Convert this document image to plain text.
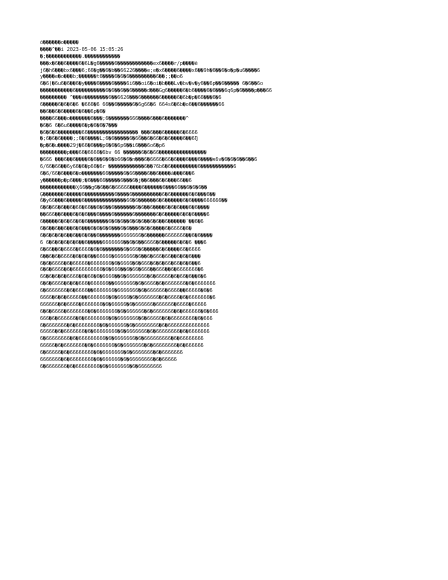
ő������o�����
����^��i 2023-05-06 15:05:26
�;������������.������������
���x�6��6����6�6L�g6�����6������������ex6����r/p����ĕ
j6�h6���bx6���6;66�g��6�b��66226����e;e�x6����6����x6��9h�6��6�o�p�u6����6
y����e�o���b;������t6����6�6�6���������6��;;��o6
6�6(�6u6�6��6�y����6����6����6i6��oi6�oi�b���Lv�bv�v�y6��6p��6����� 6�6��6o
�����������6����������6�6��6��6�����d���Gg6�����6�b6����6�6���6q6p�6����p���66
��������� ^���ĕ��������6��6626���6������6�����6�6b�p�66���6�6
6�����6�6�6�6 �666�6 66��6�����6�6g66�6 664s6�6b�o6��6������66
��6��6�6����6�6��6p�6�
����66���o�������6���;6�������666����6���6�������^
�6�6 6�6u6����6�p�6�6�7���
�6�6�6��������66�����������������_���6���6�����6�6666
�;6�6�6����;;6�6����L;6�6�����6�66��6�66�6�6����6��6Ŋ
�p�6�u����29j�66�6���p6�6�6p6��i6���6o6�p6
���������p���66�6666�6bv 66 ������6�6�66����������������
�666 ���6��6����6�6��6�6�b66�6�n���6�6666�66�6���6���6����ʀ6v�6�6�6��6��6
6/66�66��6y66�6�p66�6r ������������6��?6b6�6���������6�����������6
6�6/66�6���6�o�������66�����6�66����6��6����ӑ���6��6
y������p�p6���;�6���66�����6���6�j��6���6�6���66��6
������������Ӽ66��g6�6��6�66666����6������6���66��6�6�6��
Ģ�������6�����6����������6����6����������6�6������6�6���6��
6�y66���6�����6��������������66�6������6�6������6�6����666666��
6�6�66�6��6�66�66��6�6��6�������6�6��6����6�6�6���6�6����
��666��6���6�6�6���6����6������6�������6�6�����6�6�6����6
6�����6�6�66�6�6�������6�6�6��6�6�6��6�6��6������ˇ��6�6
6�6��6��6��6�6���6�6�6�6���6�6���6�6�6����6�6666�6�
6�6�6�6�6��6��6�6��6�������6666666�6������6666666��6�6����
6 6�6�6�6�6�6��6�����6666666��6�6��6666�6�����6�6�6 ���6
6�66��6�6666�6666�6�6�������6�666�6�����6�6����66�6666
6��6�6�6666�6�6�6��66666�6666666�6��6�666�66��6�6�6���
6�6�6666�6�66666�6666666�6�6666�6�666�6�6�66�66�6�6��6
6�6�6666�6�6666666666�6�666��6�66�666��666��6�6666666�6
66�6�6�6�6666�6�66�6�6666��6�6666666�6�66666�6�66�6��6�6
6�6�6666�6�6�666�666666��6666666�6�6666�6�6666666�6�6666666
6�6666666�6�6666��6666666�6666666�6�666666�6666��66666�6�6
6666�6�6�66666��6666666�6�6666�6�6666666�6�6666�6�6666666�6
666666�6�6666�6666666�6�66666�6�666666�666666�6666�66666
6�6�6666�6666666�6�6666666�6�666666�6�6666666�6�666666�6�666
666�6�666666�6�66666666�6�6666666�6�66666�6�66666666�6�666
6�6666666�6�66666666�6�666666�6�66666666�6�66666666666666
66666�6�6666666�6�66666666�6�6666666�6�66666666�6�6666666
6�66666666�6�666666666�6�6666666�6�666666666�6�66666666
66666�6�6666666�6�6666666�6�6666666�6�66666666�6�666666
6�66666�6�66666666�6�6666666�6�6666666�6�6666666
6666666�6�66666666�6�666666�6�66666666�6�66666
6�6666666�6�66666666�6�6666666�6�66666666
